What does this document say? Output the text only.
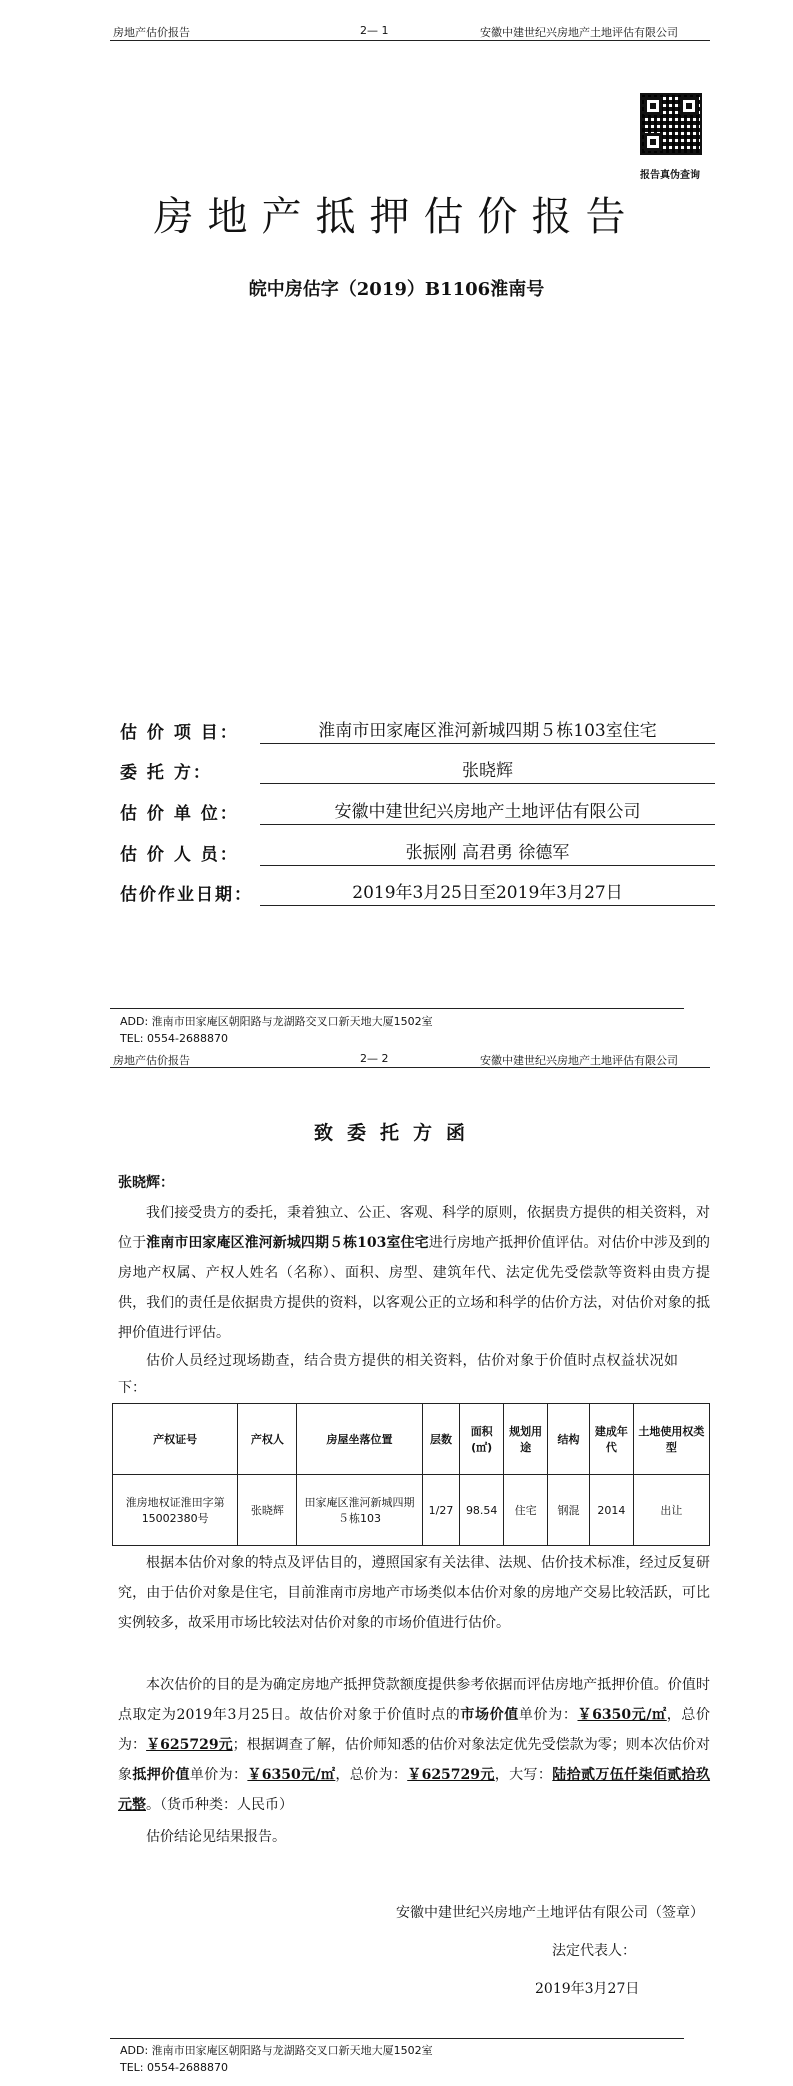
房地产估价报告	2— 1	安徽中建世纪兴房地产土地评估有限公司
报告真伪查询
房地产抵押估价报告
皖中房估字（2019）B1106淮南号
估 价 项 目：	淮南市田家庵区淮河新城四期５栋103室住宅
委 托 方：	张晓辉
估 价 单 位：	安徽中建世纪兴房地产土地评估有限公司
估 价 人 员：	张振刚 高君勇 徐德军
估价作业日期：	2019年3月25日至2019年3月27日
ADD: 淮南市田家庵区朝阳路与龙湖路交叉口新天地大厦1502室
TEL: 0554-2688870
房地产估价报告	2— 2	安徽中建世纪兴房地产土地评估有限公司
致委托方函
张晓辉：
我们接受贵方的委托，秉着独立、公正、客观、科学的原则，依据贵方提供的相关资料，对位于淮南市田家庵区淮河新城四期５栋103室住宅进行房地产抵押价值评估。对估价中涉及到的房地产权属、产权人姓名（名称）、面积、房型、建筑年代、法定优先受偿款等资料由贵方提供，我们的责任是依据贵方提供的资料，以客观公正的立场和科学的估价方法，对估价对象的抵押价值进行评估。
估价人员经过现场勘查，结合贵方提供的相关资料，估价对象于价值时点权益状况如下：
产权证号	产权人	房屋坐落位置	层数	面积(㎡)	规划用途	结构	建成年代	土地使用权类型
淮房地权证淮田字第15002380号	张晓辉	田家庵区淮河新城四期５栋103	1/27	98.54	住宅	钢混	2014	出让
根据本估价对象的特点及评估目的，遵照国家有关法律、法规、估价技术标准，经过反复研究，由于估价对象是住宅，目前淮南市房地产市场类似本估价对象的房地产交易比较活跃，可比实例较多，故采用市场比较法对估价对象的市场价值进行估价。
本次估价的目的是为确定房地产抵押贷款额度提供参考依据而评估房地产抵押价值。价值时点取定为2019年3月25日。故估价对象于价值时点的市场价值单价为：￥6350元/㎡，总价为：￥625729元；根据调查了解，估价师知悉的估价对象法定优先受偿款为零；则本次估价对象抵押价值单价为：￥6350元/㎡，总价为：￥625729元，大写：陆拾贰万伍仟柒佰贰拾玖元整。（货币种类：人民币）
估价结论见结果报告。
安徽中建世纪兴房地产土地评估有限公司（签章）
法定代表人：
2019年3月27日
ADD: 淮南市田家庵区朝阳路与龙湖路交叉口新天地大厦1502室
TEL: 0554-2688870
